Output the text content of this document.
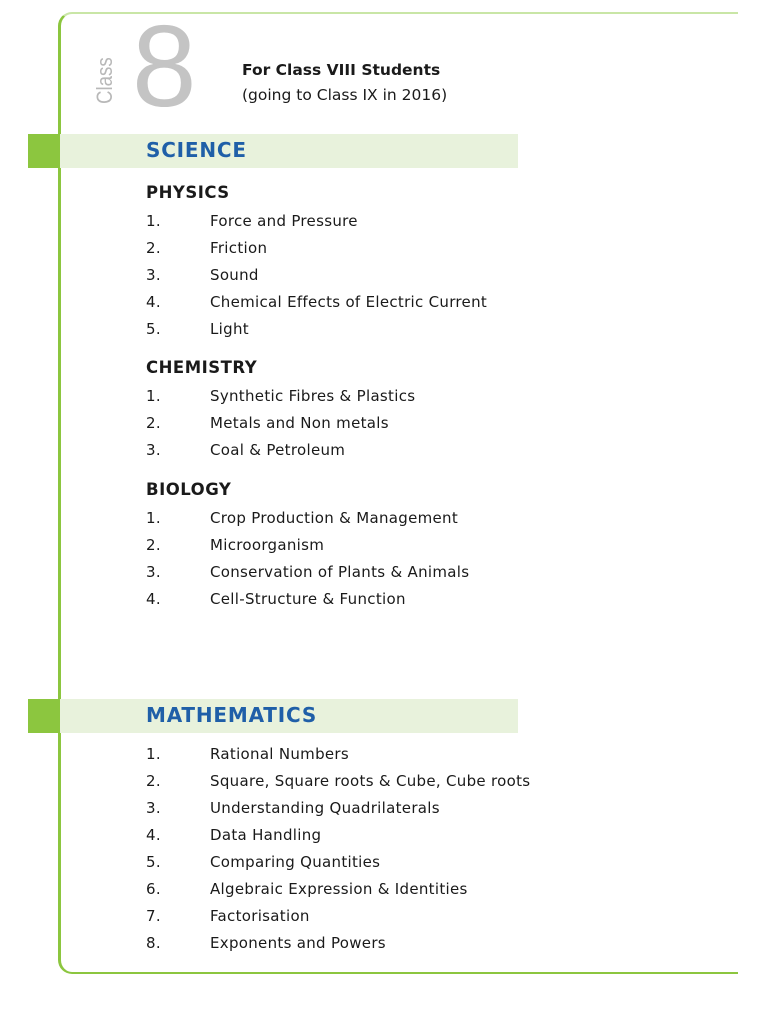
Class 8	For Class VIII Students
(going to Class IX in 2016)
SCIENCE
PHYSICS
1.	Force and Pressure
2.	Friction
3.	Sound
4.	Chemical Effects of Electric Current
5.	Light
CHEMISTRY
1.	Synthetic Fibres & Plastics
2.	Metals and Non metals
3.	Coal & Petroleum
BIOLOGY
1.	Crop Production & Management
2.	Microorganism
3.	Conservation of Plants & Animals
4.	Cell-Structure & Function
MATHEMATICS
1.	Rational Numbers
2.	Square, Square roots & Cube, Cube roots
3.	Understanding Quadrilaterals
4.	Data Handling
5.	Comparing Quantities
6.	Algebraic Expression & Identities
7.	Factorisation
8.	Exponents and Powers
